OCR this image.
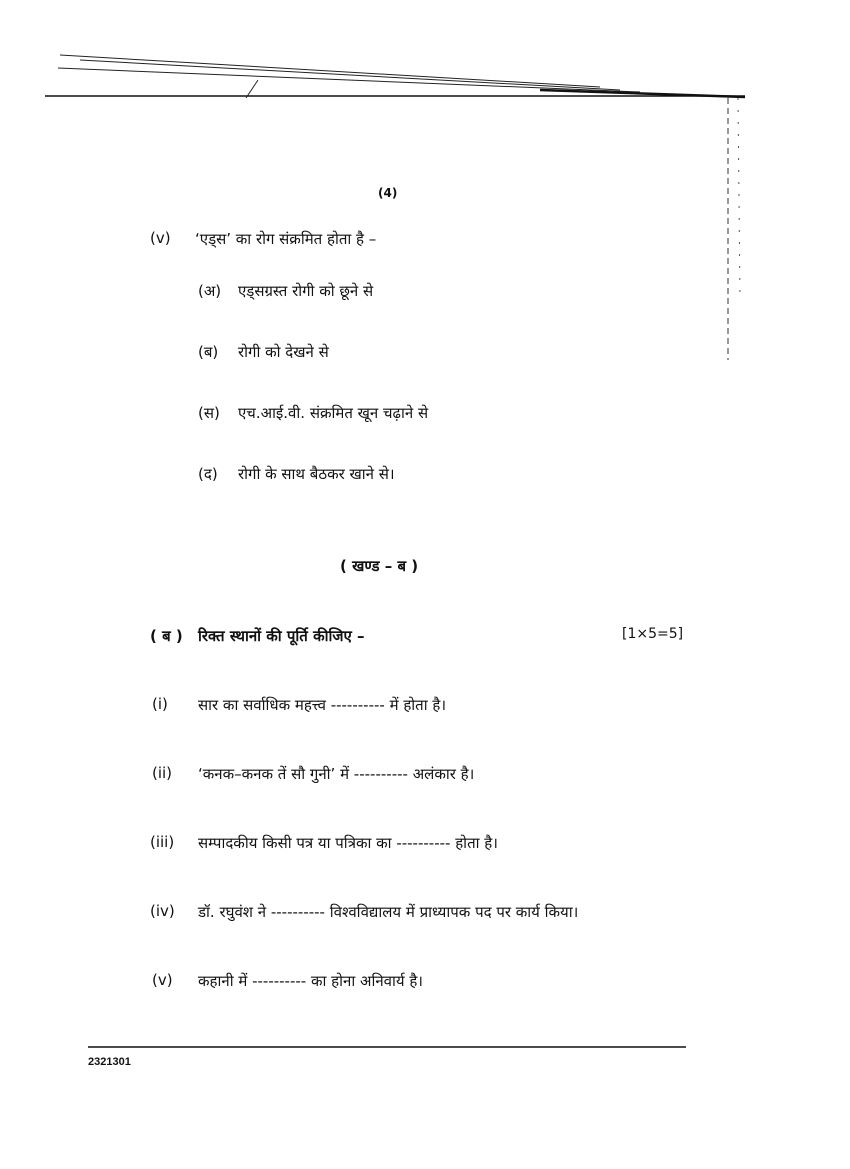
(4)
(v) ‘एड्स’ का रोग संक्रमित होता है –
(अ) एड्सग्रस्त रोगी को छूने से
(ब) रोगी को देखने से
(स) एच.आई.वी. संक्रमित खून चढ़ाने से
(द) रोगी के साथ बैठकर खाने से।
( खण्ड – ब )
( ब ) रिक्त स्थानों की पूर्ति कीजिए –	[1×5=5]
(i) सार का सर्वाधिक महत्त्व ---------- में होता है।
(ii) ‘कनक–कनक तें सौ गुनी’ में ---------- अलंकार है।
(iii) सम्पादकीय किसी पत्र या पत्रिका का ---------- होता है।
(iv) डॉ. रघुवंश ने ---------- विश्वविद्यालय में प्राध्यापक पद पर कार्य किया।
(v) कहानी में ---------- का होना अनिवार्य है।
2321301
